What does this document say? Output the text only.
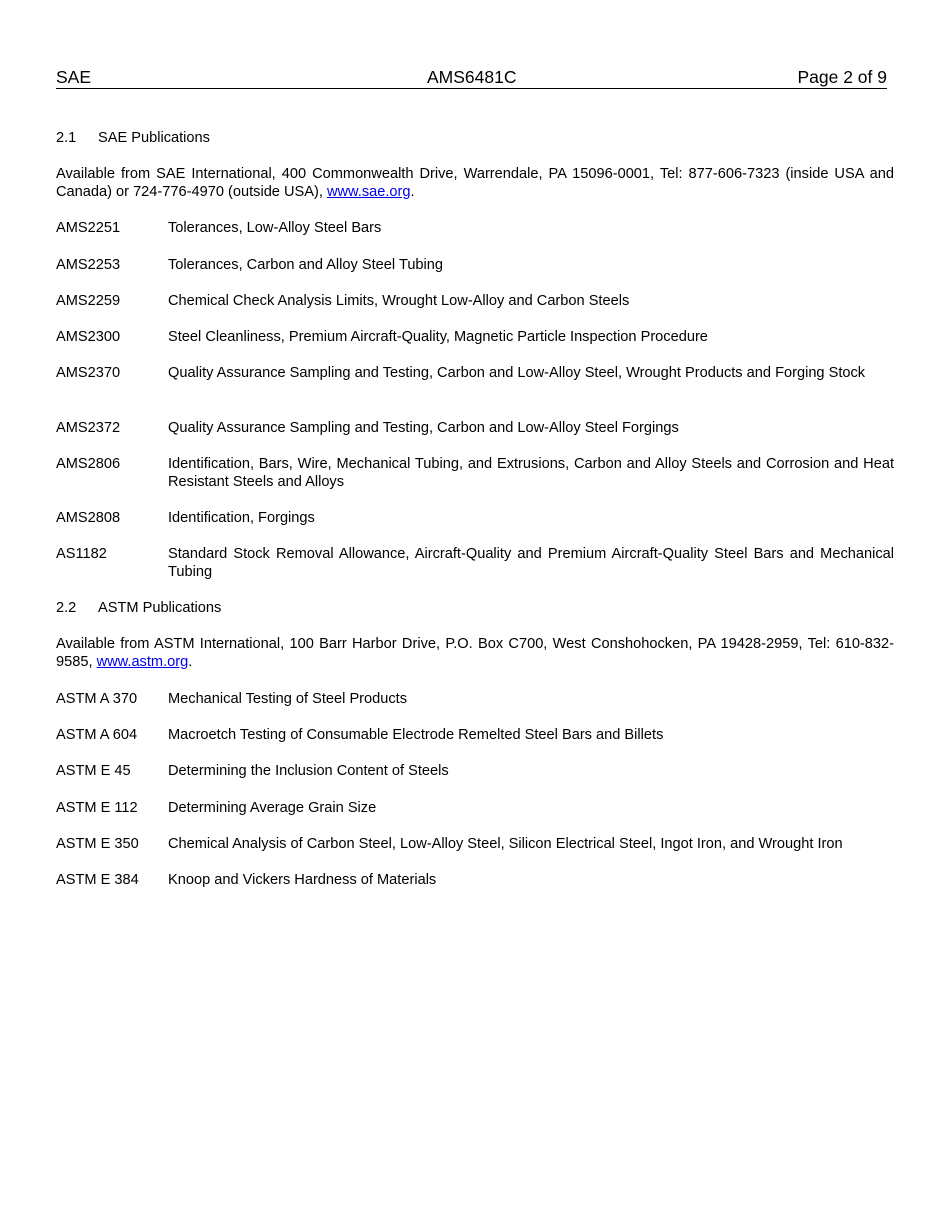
SAE	AMS6481C	Page 2 of 9
2.1 SAE Publications
Available from SAE International, 400 Commonwealth Drive, Warrendale, PA 15096-0001, Tel: 877-606-7323 (inside USA and Canada) or 724-776-4970 (outside USA), www.sae.org.
AMS2251	Tolerances, Low-Alloy Steel Bars
AMS2253	Tolerances, Carbon and Alloy Steel Tubing
AMS2259	Chemical Check Analysis Limits, Wrought Low-Alloy and Carbon Steels
AMS2300	Steel Cleanliness, Premium Aircraft-Quality, Magnetic Particle Inspection Procedure
AMS2370	Quality Assurance Sampling and Testing, Carbon and Low-Alloy Steel, Wrought Products and Forging Stock
AMS2372	Quality Assurance Sampling and Testing, Carbon and Low-Alloy Steel Forgings
AMS2806	Identification, Bars, Wire, Mechanical Tubing, and Extrusions, Carbon and Alloy Steels and Corrosion and Heat Resistant Steels and Alloys
AMS2808	Identification, Forgings
AS1182	Standard Stock Removal Allowance, Aircraft-Quality and Premium Aircraft-Quality Steel Bars and Mechanical Tubing
2.2 ASTM Publications
Available from ASTM International, 100 Barr Harbor Drive, P.O. Box C700, West Conshohocken, PA 19428-2959, Tel: 610-832-9585, www.astm.org.
ASTM A 370 Mechanical Testing of Steel Products
ASTM A 604 Macroetch Testing of Consumable Electrode Remelted Steel Bars and Billets
ASTM E 45	Determining the Inclusion Content of Steels
ASTM E 112 Determining Average Grain Size
ASTM E 350 Chemical Analysis of Carbon Steel, Low-Alloy Steel, Silicon Electrical Steel, Ingot Iron, and Wrought Iron
ASTM E 384 Knoop and Vickers Hardness of Materials
